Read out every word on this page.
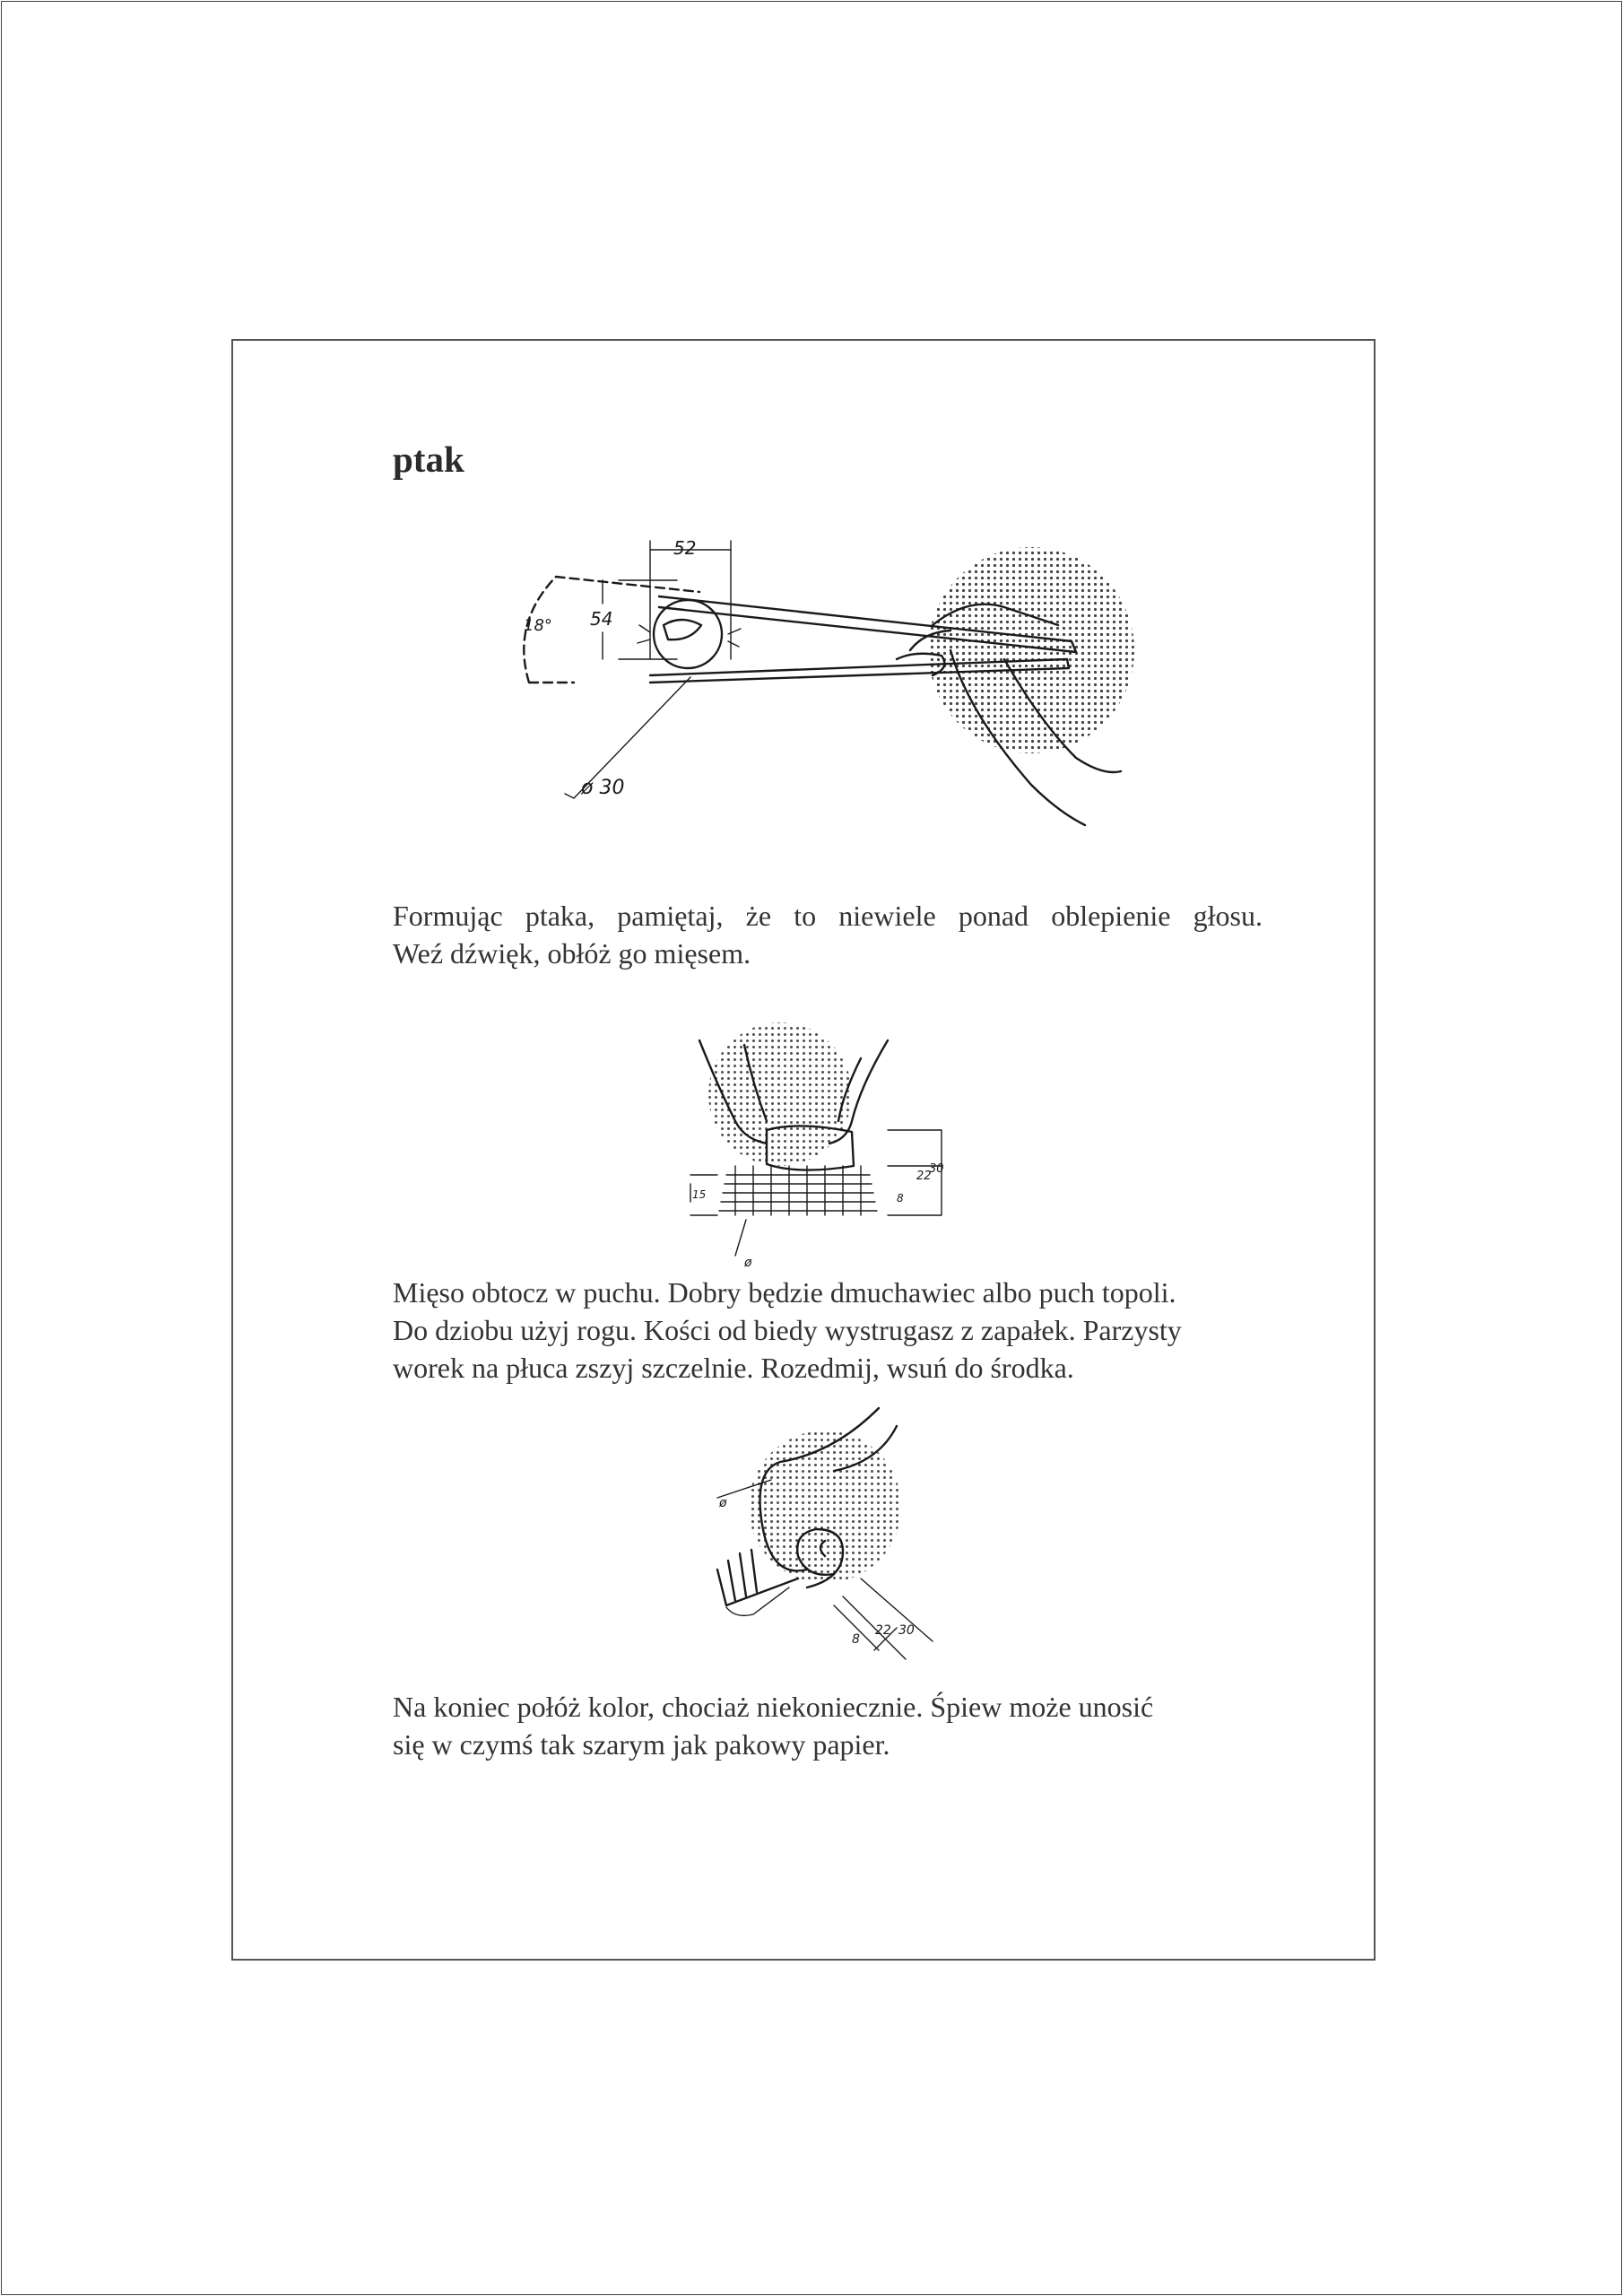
ptak
52
54
18°
ø 30

Formując ptaka, pamiętaj, że to niewiele ponad oblepienie głosu.
Weź dźwięk, obłóż go mięsem.

30
22
15	8
ø

Mięso obtocz w puchu. Dobry będzie dmuchawiec albo puch topoli.
Do dziobu użyj rogu. Kości od biedy wystrugasz z zapałek. Parzysty
worek na płuca zszyj szczelnie. Rozedmij, wsuń do środka.

8
22 30
ø

Na koniec połóż kolor, chociaż niekoniecznie. Śpiew może unosić
się w czymś tak szarym jak pakowy papier.
